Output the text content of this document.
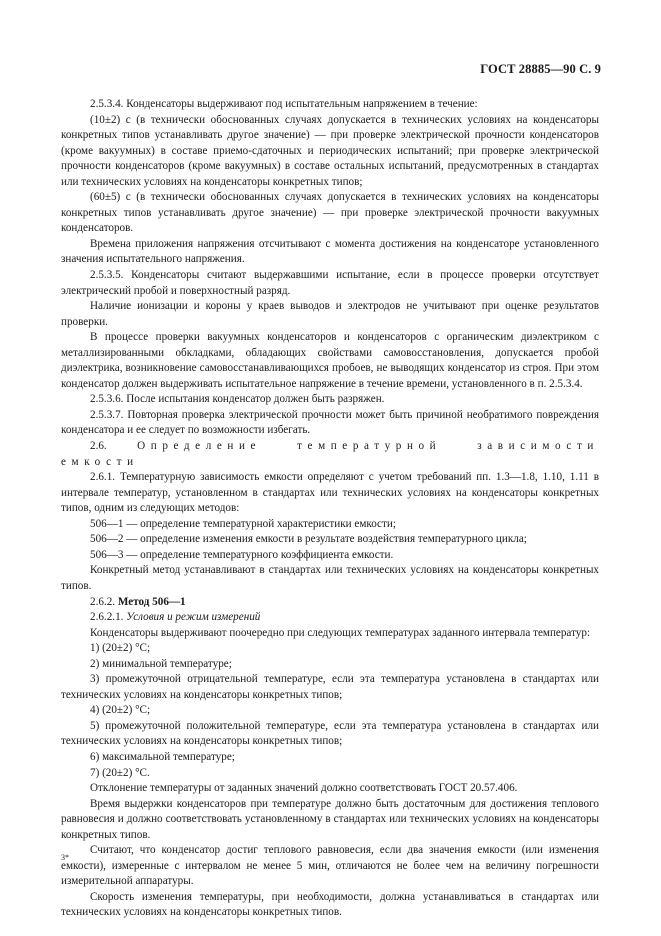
ГОСТ 28885—90 С. 9

2.5.3.4. Конденсаторы выдерживают под испытательным напряжением в течение:

(10±2) с (в технически обоснованных случаях допускается в технических условиях на конденсаторы конкретных типов устанавливать другое значение) — при проверке электрической прочности конденсаторов (кроме вакуумных) в составе приемо-сдаточных и периодических испытаний; при проверке электрической прочности конденсаторов (кроме вакуумных) в составе остальных испытаний, предусмотренных в стандартах или технических условиях на конденсаторы конкретных типов;

(60±5) с (в технически обоснованных случаях допускается в технических условиях на конденсаторы конкретных типов устанавливать другое значение) — при проверке электрической прочности вакуумных конденсаторов.

Времена приложения напряжения отсчитывают с момента достижения на конденсаторе установленного значения испытательного напряжения.

2.5.3.5. Конденсаторы считают выдержавшими испытание, если в процессе проверки отсутствует электрический пробой и поверхностный разряд.

Наличие ионизации и короны у краев выводов и электродов не учитывают при оценке результатов проверки.

В процессе проверки вакуумных конденсаторов и конденсаторов с органическим диэлектриком с металлизированными обкладками, обладающих свойствами самовосстановления, допускается пробой диэлектрика, возникновение самовосстанавливающихся пробоев, не выводящих конденсатор из строя. При этом конденсатор должен выдерживать испытательное напряжение в течение времени, установленного в п. 2.5.3.4.

2.5.3.6. После испытания конденсатор должен быть разряжен.

2.5.3.7. Повторная проверка электрической прочности может быть причиной необратимого повреждения конденсатора и ее следует по возможности избегать.

2.6.	Определение температурной зависимости емкости

2.6.1. Температурную зависимость емкости определяют с учетом требований пп. 1.3—1.8, 1.10, 1.11 в интервале температур, установленном в стандартах или технических условиях на конденсаторы конкретных типов, одним из следующих методов:

506—1 — определение температурной характеристики емкости;

506—2 — определение изменения емкости в результате воздействия температурного цикла;

506—3 — определение температурного коэффициента емкости.

Конкретный метод устанавливают в стандартах или технических условиях на конденсаторы конкретных типов.

2.6.2. Метод 506—1

2.6.2.1. Условия и режим измерений

Конденсаторы выдерживают поочередно при следующих температурах заданного интервала температур:

1) (20±2) °С;

2) минимальной температуре;

3) промежуточной отрицательной температуре, если эта температура установлена в стандартах или технических условиях на конденсаторы конкретных типов;

4) (20±2) °С;

5) промежуточной положительной температуре, если эта температура установлена в стандартах или технических условиях на конденсаторы конкретных типов;

6) максимальной температуре;

7) (20±2) °С.

Отклонение температуры от заданных значений должно соответствовать ГОСТ 20.57.406.

Время выдержки конденсаторов при температуре должно быть достаточным для достижения теплового равновесия и должно соответствовать установленному в стандартах или технических условиях на конденсаторы конкретных типов.

Считают, что конденсатор достиг теплового равновесия, если два значения емкости (или изменения емкости), измеренные с интервалом не менее 5 мин, отличаются не более чем на величину погрешности измерительной аппаратуры.

Скорость изменения температуры, при необходимости, должна устанавливаться в стандартах или технических условиях на конденсаторы конкретных типов.

3*
